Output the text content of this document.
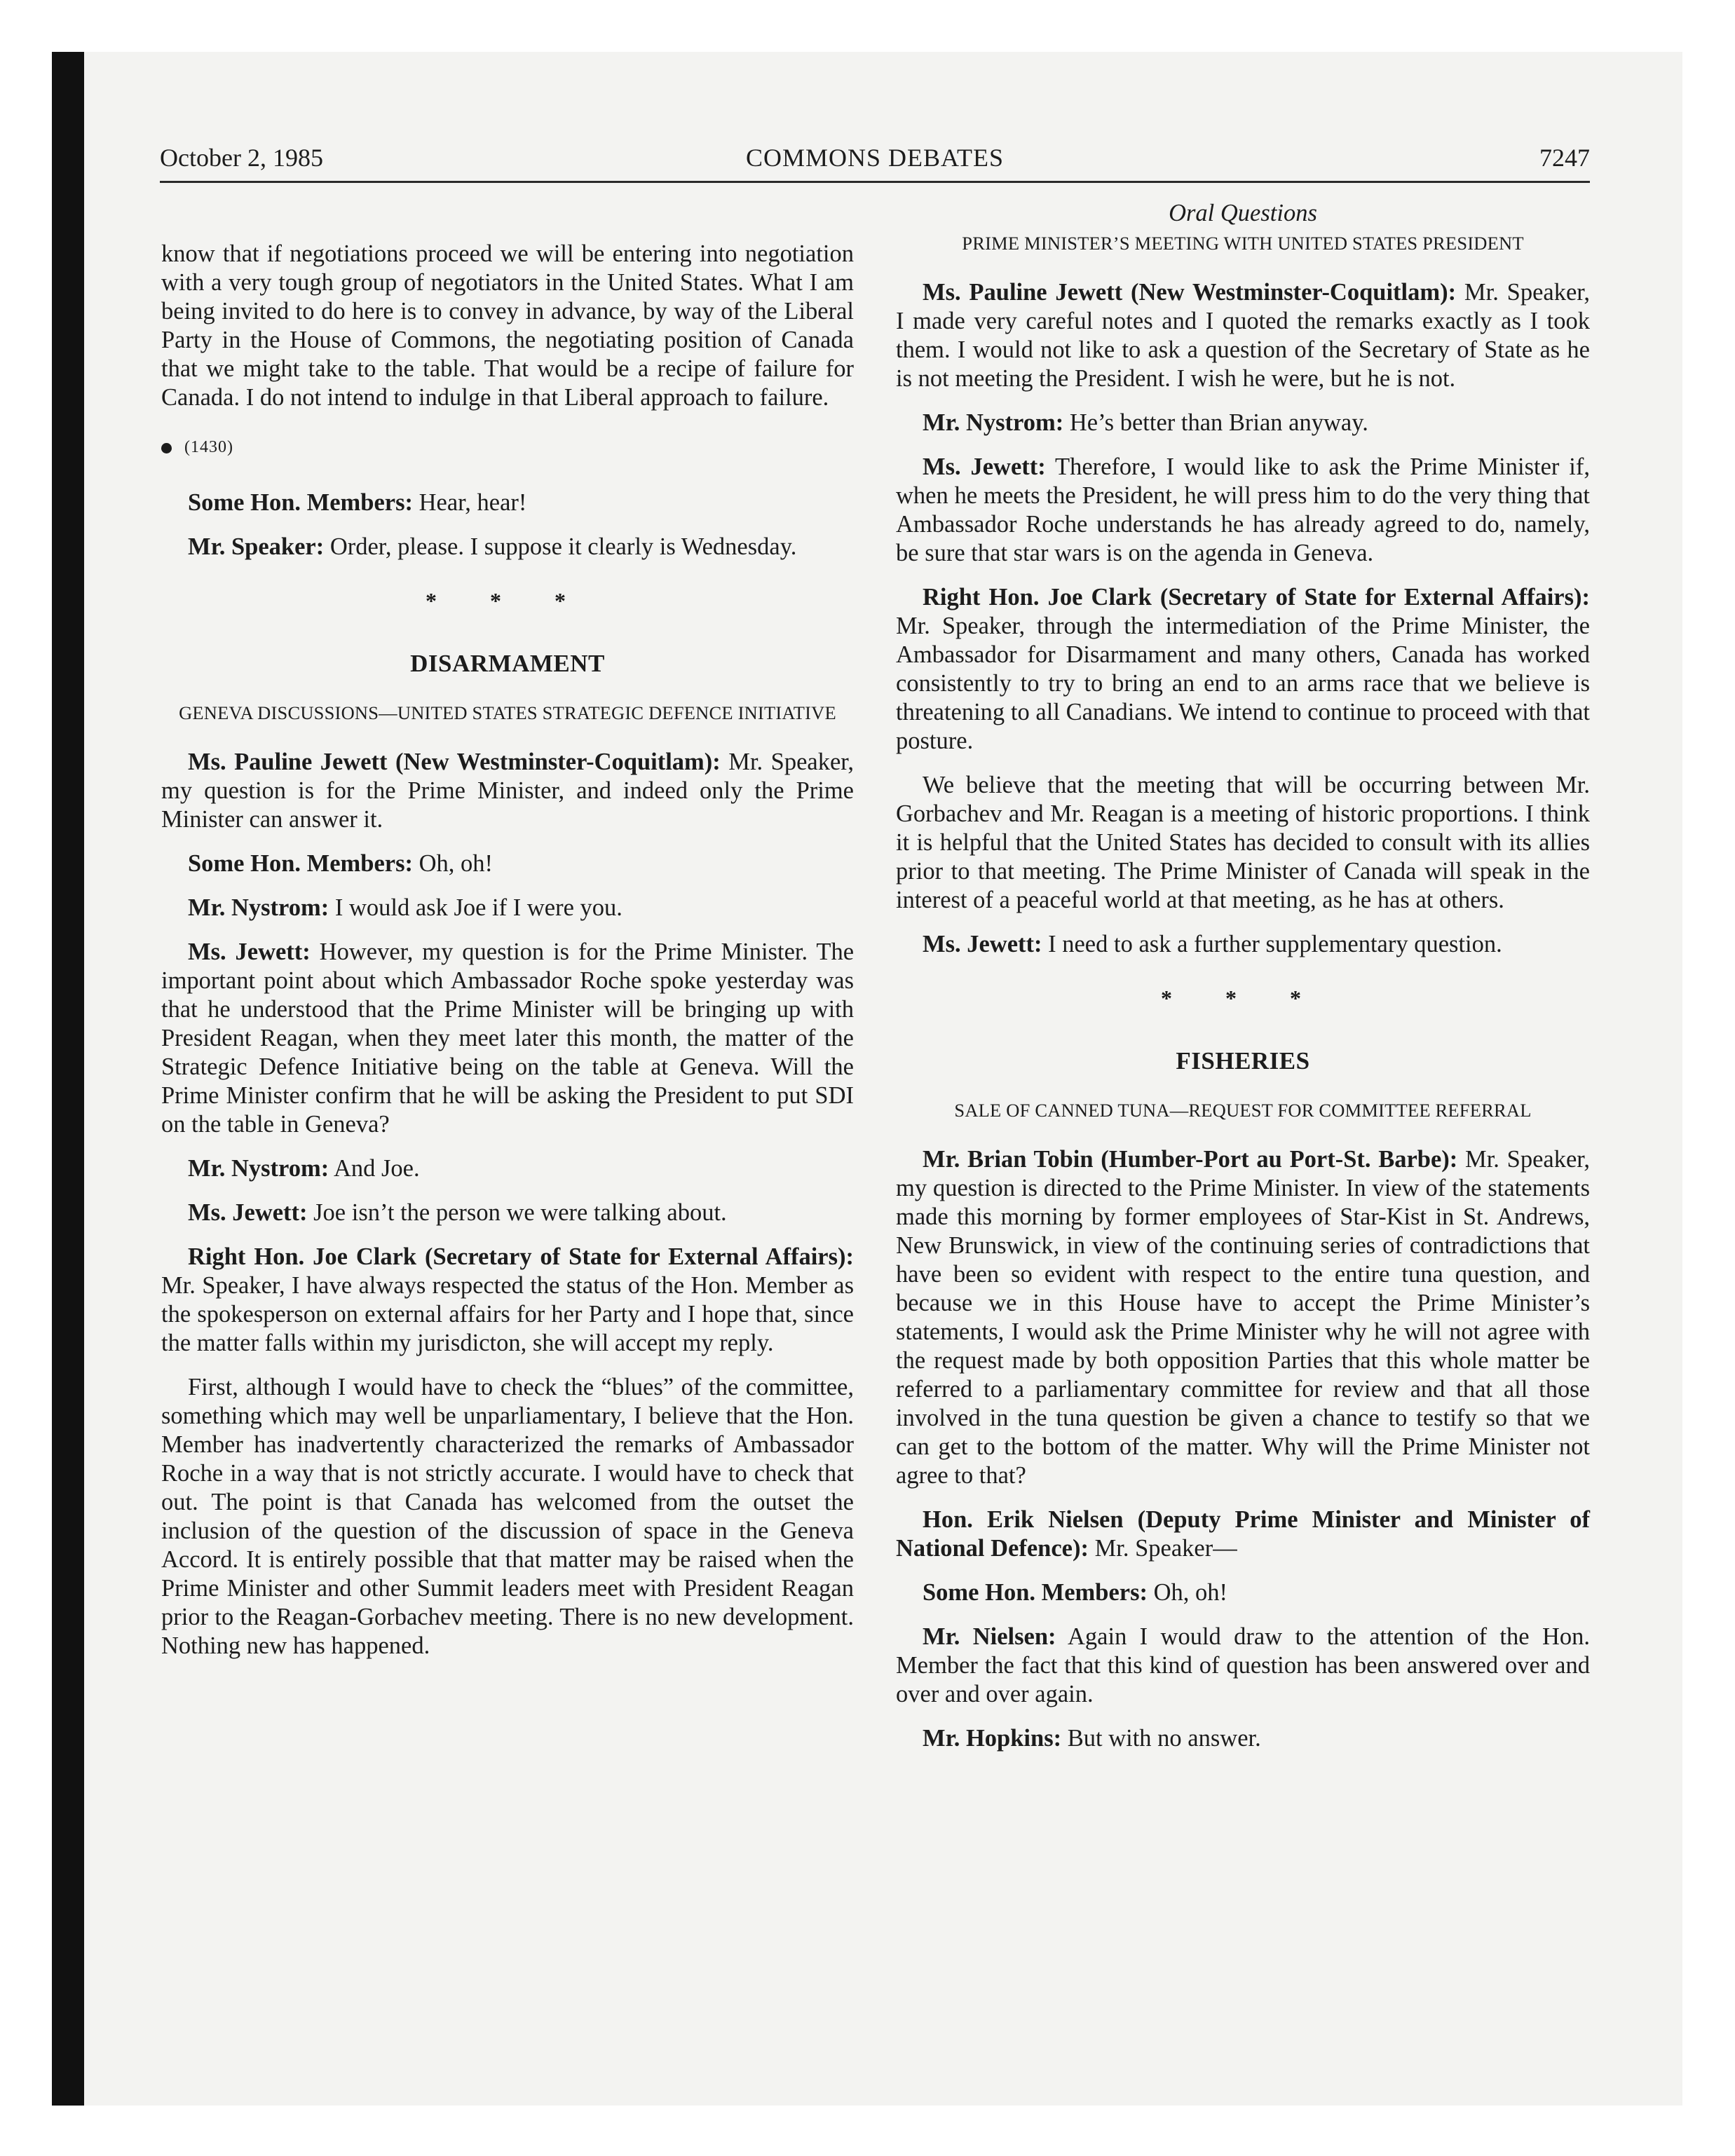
October 2, 1985	COMMONS DEBATES	7247

know that if negotiations proceed we will be entering into negotiation with a very tough group of negotiators in the United States. What I am being invited to do here is to convey in advance, by way of the Liberal Party in the House of Commons, the negotiating position of Canada that we might take to the table. That would be a recipe of failure for Canada. I do not intend to indulge in that Liberal approach to failure.

(1430)

Some Hon. Members: Hear, hear!

Mr. Speaker: Order, please. I suppose it clearly is Wednesday.

* * *
DISARMAMENT
GENEVA DISCUSSIONS—UNITED STATES STRATEGIC DEFENCE INITIATIVE

Ms. Pauline Jewett (New Westminster-Coquitlam): Mr. Speaker, my question is for the Prime Minister, and indeed only the Prime Minister can answer it.

Some Hon. Members: Oh, oh!

Mr. Nystrom: I would ask Joe if I were you.

Ms. Jewett: However, my question is for the Prime Minister. The important point about which Ambassador Roche spoke yesterday was that he understood that the Prime Minister will be bringing up with President Reagan, when they meet later this month, the matter of the Strategic Defence Initiative being on the table at Geneva. Will the Prime Minister confirm that he will be asking the President to put SDI on the table in Geneva?

Mr. Nystrom: And Joe.

Ms. Jewett: Joe isn’t the person we were talking about.

Right Hon. Joe Clark (Secretary of State for External Affairs): Mr. Speaker, I have always respected the status of the Hon. Member as the spokesperson on external affairs for her Party and I hope that, since the matter falls within my jurisdicton, she will accept my reply.

First, although I would have to check the “blues” of the committee, something which may well be unparliamentary, I believe that the Hon. Member has inadvertently characterized the remarks of Ambassador Roche in a way that is not strictly accurate. I would have to check that out. The point is that Canada has welcomed from the outset the inclusion of the question of the discussion of space in the Geneva Accord. It is entirely possible that that matter may be raised when the Prime Minister and other Summit leaders meet with President Reagan prior to the Reagan-Gorbachev meeting. There is no new development. Nothing new has happened.

Oral Questions
PRIME MINISTER’S MEETING WITH UNITED STATES PRESIDENT

Ms. Pauline Jewett (New Westminster-Coquitlam): Mr. Speaker, I made very careful notes and I quoted the remarks exactly as I took them. I would not like to ask a question of the Secretary of State as he is not meeting the President. I wish he were, but he is not.

Mr. Nystrom: He’s better than Brian anyway.

Ms. Jewett: Therefore, I would like to ask the Prime Minister if, when he meets the President, he will press him to do the very thing that Ambassador Roche understands he has already agreed to do, namely, be sure that star wars is on the agenda in Geneva.

Right Hon. Joe Clark (Secretary of State for External Affairs): Mr. Speaker, through the intermediation of the Prime Minister, the Ambassador for Disarmament and many others, Canada has worked consistently to try to bring an end to an arms race that we believe is threatening to all Canadians. We intend to continue to proceed with that posture.

We believe that the meeting that will be occurring between Mr. Gorbachev and Mr. Reagan is a meeting of historic proportions. I think it is helpful that the United States has decided to consult with its allies prior to that meeting. The Prime Minister of Canada will speak in the interest of a peaceful world at that meeting, as he has at others.

Ms. Jewett: I need to ask a further supplementary question.

* * *
FISHERIES
SALE OF CANNED TUNA—REQUEST FOR COMMITTEE REFERRAL

Mr. Brian Tobin (Humber-Port au Port-St. Barbe): Mr. Speaker, my question is directed to the Prime Minister. In view of the statements made this morning by former employees of Star-Kist in St. Andrews, New Brunswick, in view of the continuing series of contradictions that have been so evident with respect to the entire tuna question, and because we in this House have to accept the Prime Minister’s statements, I would ask the Prime Minister why he will not agree with the request made by both opposition Parties that this whole matter be referred to a parliamentary committee for review and that all those involved in the tuna question be given a chance to testify so that we can get to the bottom of the matter. Why will the Prime Minister not agree to that?

Hon. Erik Nielsen (Deputy Prime Minister and Minister of National Defence): Mr. Speaker—

Some Hon. Members: Oh, oh!

Mr. Nielsen: Again I would draw to the attention of the Hon. Member the fact that this kind of question has been answered over and over and over again.

Mr. Hopkins: But with no answer.
